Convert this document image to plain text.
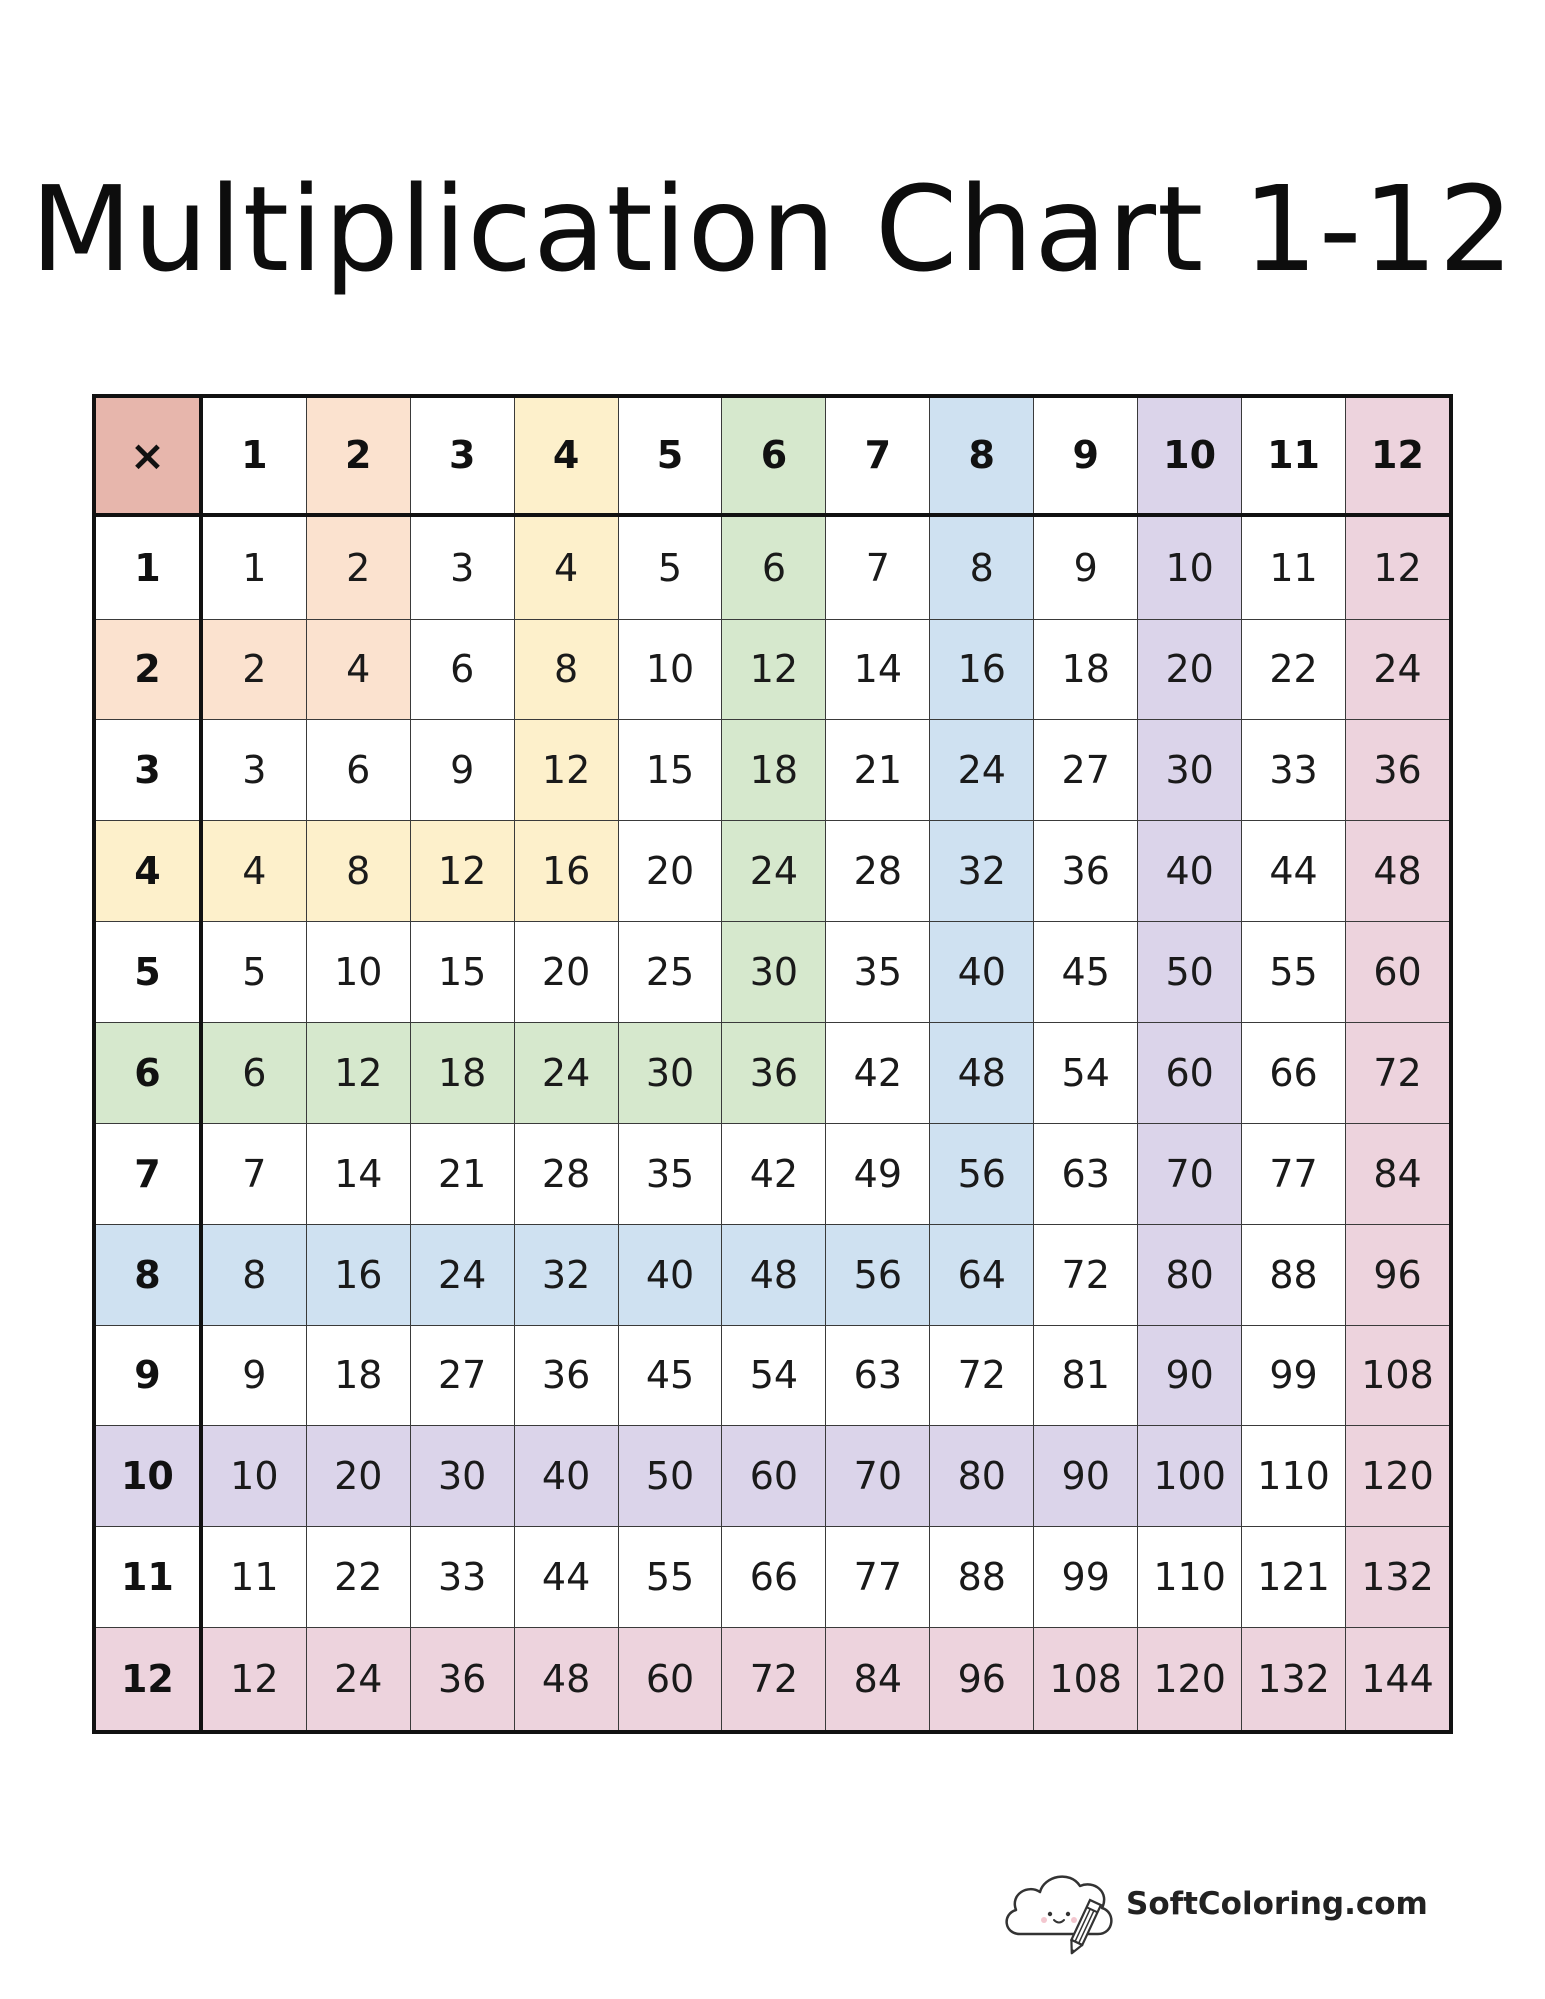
Multiplication Chart 1-12
×	1	2	3	4	5	6	7	8	9	10	11	12
1	1	2	3	4	5	6	7	8	9	10	11	12
2	2	4	6	8	10	12	14	16	18	20	22	24
3	3	6	9	12	15	18	21	24	27	30	33	36
4	4	8	12	16	20	24	28	32	36	40	44	48
5	5	10	15	20	25	30	35	40	45	50	55	60
6	6	12	18	24	30	36	42	48	54	60	66	72
7	7	14	21	28	35	42	49	56	63	70	77	84
8	8	16	24	32	40	48	56	64	72	80	88	96
9	9	18	27	36	45	54	63	72	81	90	99	108
10	10	20	30	40	50	60	70	80	90	100	110	120
11	11	22	33	44	55	66	77	88	99	110	121	132
12	12	24	36	48	60	72	84	96	108	120	132	144
SoftColoring.com
